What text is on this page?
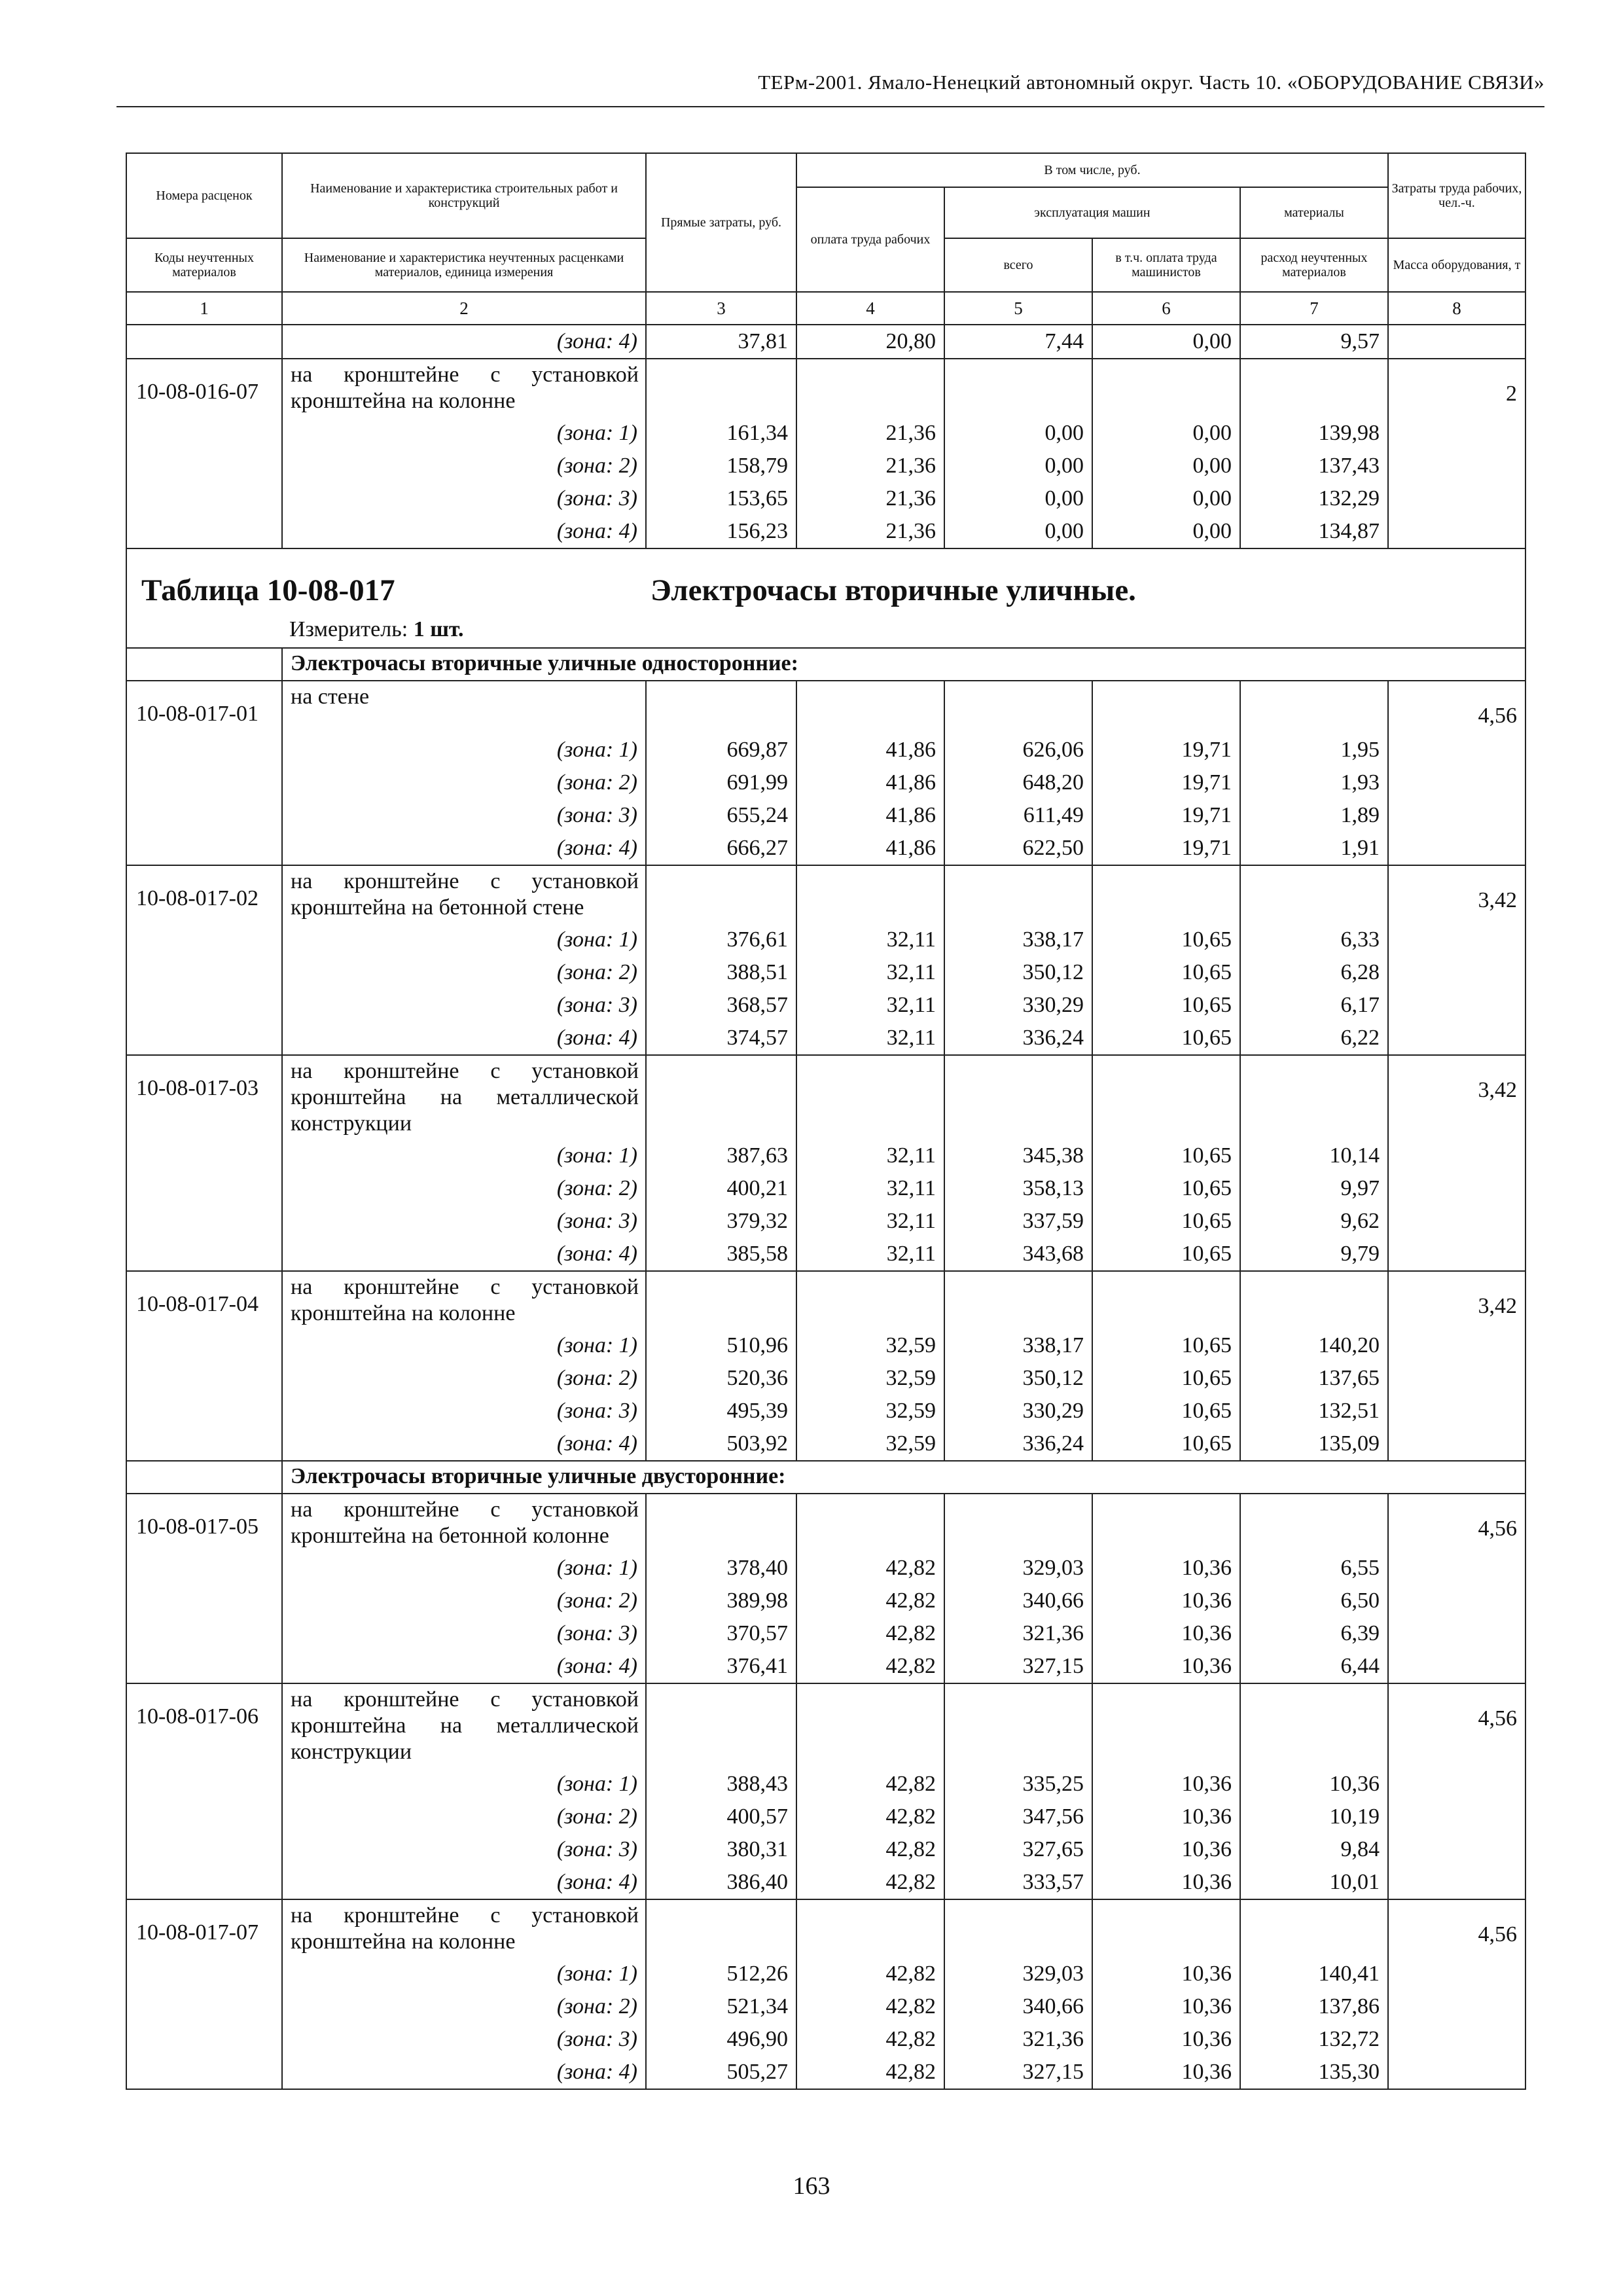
ТЕРм-2001. Ямало-Ненецкий автономный округ. Часть 10. «ОБОРУДОВАНИЕ СВЯЗИ»
Номера расценок	Наименование и характеристика строительных работ и конструкций	Прямые затраты, руб.	В том числе, руб.				Затраты труда рабочих, чел.-ч.
			оплата труда рабочих	эксплуатация машин		материалы	
Коды неучтенных материалов	Наименование и характеристика неучтенных расценками материалов, единица измерения			всего	в т.ч. оплата труда машинистов	расход неучтенных материалов	Масса оборудования, т
1	2	3	4	5	6	7	8
	(зона: 4)	37,81	20,80	7,44	0,00	9,57	
10-08-016-07	на кронштейне с установкой кронштейна на колонне						2
	(зона: 1)	161,34	21,36	0,00	0,00	139,98	
	(зона: 2)	158,79	21,36	0,00	0,00	137,43	
	(зона: 3)	153,65	21,36	0,00	0,00	132,29	
	(зона: 4)	156,23	21,36	0,00	0,00	134,87	

Таблица 10-08-017 Электрочасы вторичные уличные.
Измеритель: 1 шт.							

	Электрочасы вторичные уличные односторонние:						
10-08-017-01	на стене						4,56
	(зона: 1)	669,87	41,86	626,06	19,71	1,95	
	(зона: 2)	691,99	41,86	648,20	19,71	1,93	
	(зона: 3)	655,24	41,86	611,49	19,71	1,89	
	(зона: 4)	666,27	41,86	622,50	19,71	1,91	
10-08-017-02	на кронштейне с установкой кронштейна на бетонной стене						3,42
	(зона: 1)	376,61	32,11	338,17	10,65	6,33	
	(зона: 2)	388,51	32,11	350,12	10,65	6,28	
	(зона: 3)	368,57	32,11	330,29	10,65	6,17	
	(зона: 4)	374,57	32,11	336,24	10,65	6,22	
10-08-017-03	на кронштейне с установкой кронштейна на металлической конструкции						3,42
	(зона: 1)	387,63	32,11	345,38	10,65	10,14	
	(зона: 2)	400,21	32,11	358,13	10,65	9,97	
	(зона: 3)	379,32	32,11	337,59	10,65	9,62	
	(зона: 4)	385,58	32,11	343,68	10,65	9,79	
10-08-017-04	на кронштейне с установкой кронштейна на колонне						3,42
	(зона: 1)	510,96	32,59	338,17	10,65	140,20	
	(зона: 2)	520,36	32,59	350,12	10,65	137,65	
	(зона: 3)	495,39	32,59	330,29	10,65	132,51	
	(зона: 4)	503,92	32,59	336,24	10,65	135,09	
	Электрочасы вторичные уличные двусторонние:						
10-08-017-05	на кронштейне с установкой кронштейна на бетонной колонне						4,56
	(зона: 1)	378,40	42,82	329,03	10,36	6,55	
	(зона: 2)	389,98	42,82	340,66	10,36	6,50	
	(зона: 3)	370,57	42,82	321,36	10,36	6,39	
	(зона: 4)	376,41	42,82	327,15	10,36	6,44	
10-08-017-06	на кронштейне с установкой кронштейна на металлической конструкции						4,56
	(зона: 1)	388,43	42,82	335,25	10,36	10,36	
	(зона: 2)	400,57	42,82	347,56	10,36	10,19	
	(зона: 3)	380,31	42,82	327,65	10,36	9,84	
	(зона: 4)	386,40	42,82	333,57	10,36	10,01	
10-08-017-07	на кронштейне с установкой кронштейна на колонне						4,56
	(зона: 1)	512,26	42,82	329,03	10,36	140,41	
	(зона: 2)	521,34	42,82	340,66	10,36	137,86	
	(зона: 3)	496,90	42,82	321,36	10,36	132,72	
	(зона: 4)	505,27	42,82	327,15	10,36	135,30	
163
